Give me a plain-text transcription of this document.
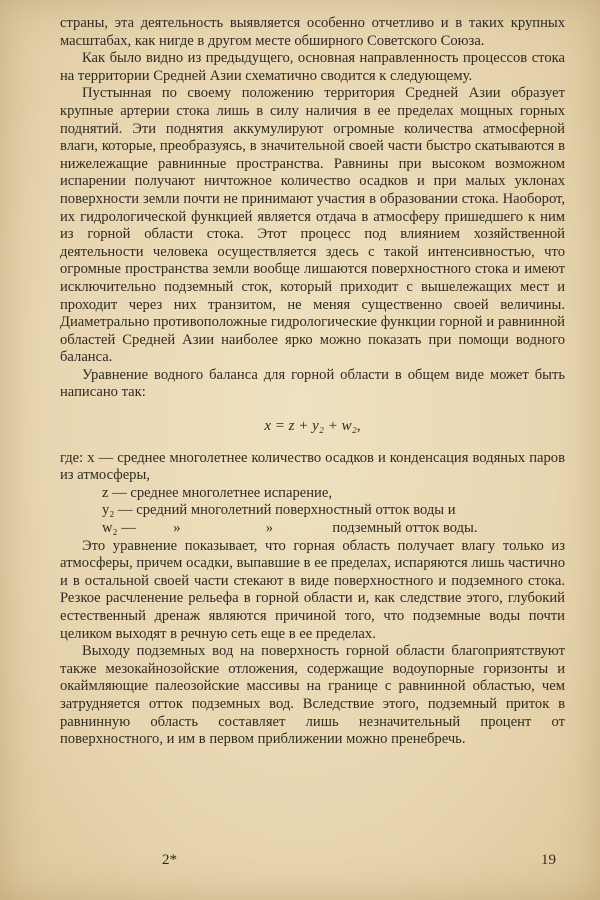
страны, эта деятельность выявляется особенно отчетливо и в таких крупных масштабах, как нигде в другом месте обширного Советского Союза.

Как было видно из предыдущего, основная направленность процессов стока на территории Средней Азии схематично сводится к следующему.

Пустынная по своему положению территория Средней Азии образует крупные артерии стока лишь в силу наличия в ее пределах мощных горных поднятий. Эти поднятия аккумулируют огромные количества атмосферной влаги, которые, преобразуясь, в значительной своей части быстро скатываются в нижележащие равнинные пространства. Равнины при высоком возможном испарении получают ничтожное количество осадков и при малых уклонах поверхности земли почти не принимают участия в образовании стока. Наоборот, их гидрологической функцией является отдача в атмосферу пришедшего к ним из горной области стока. Этот процесс под влиянием хозяйственной деятельности человека осуществляется здесь с такой интенсивностью, что огромные пространства земли вообще лишаются поверхностного стока и имеют исключительно подземный сток, который приходит с вышележащих мест и проходит через них транзитом, не меняя существенно своей величины. Диаметрально противоположные гидрологические функции горной и равнинной областей Средней Азии наиболее ярко можно показать при помощи водного баланса.

Уравнение водного баланса для горной области в общем виде может быть написано так:

x = z + y₂ + w₂,

где: x — среднее многолетнее количество осадков и конденсация водяных паров из атмосферы,

z — среднее многолетнее испарение,

y₂ — средний многолетний поверхностный отток воды и

w₂ —	»	»	подземный отток воды.

Это уравнение показывает, что горная область получает влагу только из атмосферы, причем осадки, выпавшие в ее пределах, испаряются лишь частично и в остальной своей части стекают в виде поверхностного и подземного стока. Резкое расчленение рельефа в горной области и, как следствие этого, глубокий естественный дренаж являются причиной того, что подземные воды почти целиком выходят в речную сеть еще в ее пределах.

Выходу подземных вод на поверхность горной области благоприятствуют также мезокайнозойские отложения, содержащие водоупорные горизонты и окаймляющие палеозойские массивы на границе с равнинной областью, чем затрудняется отток подземных вод. Вследствие этого, подземный приток в равнинную область составляет лишь незначительный процент от поверхностного, и им в первом приближении можно пренебречь.

2*	19
